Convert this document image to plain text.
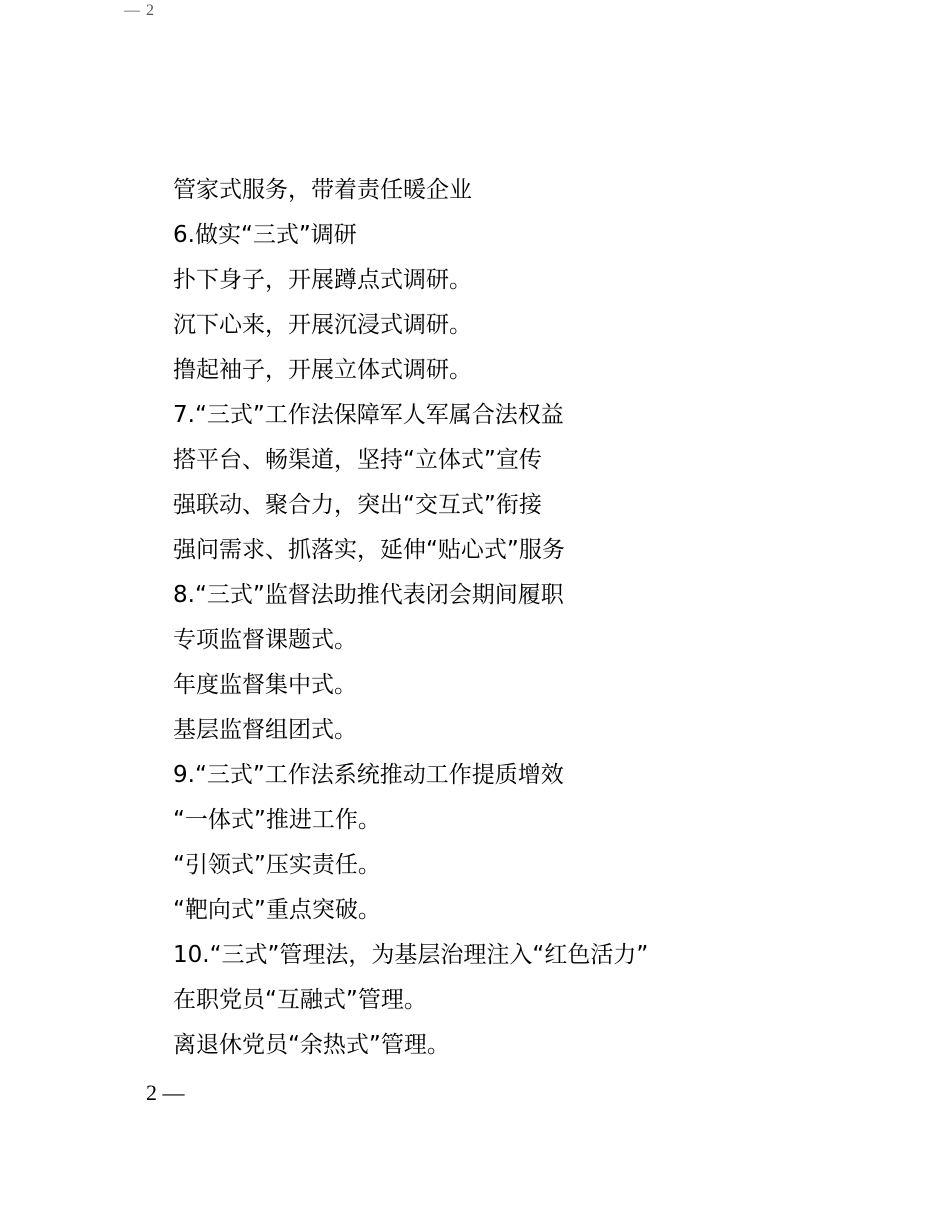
— 2
管家式服务，带着责任暖企业
6.做实“三式”调研
扑下身子，开展蹲点式调研。
沉下心来，开展沉浸式调研。
撸起袖子，开展立体式调研。
7.“三式”工作法保障军人军属合法权益
搭平台、畅渠道，坚持“立体式”宣传
强联动、聚合力，突出“交互式”衔接
强问需求、抓落实，延伸“贴心式”服务
8.“三式”监督法助推代表闭会期间履职
专项监督课题式。
年度监督集中式。
基层监督组团式。
9.“三式”工作法系统推动工作提质增效
“一体式”推进工作。
“引领式”压实责任。
“靶向式”重点突破。
10.“三式”管理法，为基层治理注入“红色活力”
在职党员“互融式”管理。
离退休党员“余热式”管理。
2 —
